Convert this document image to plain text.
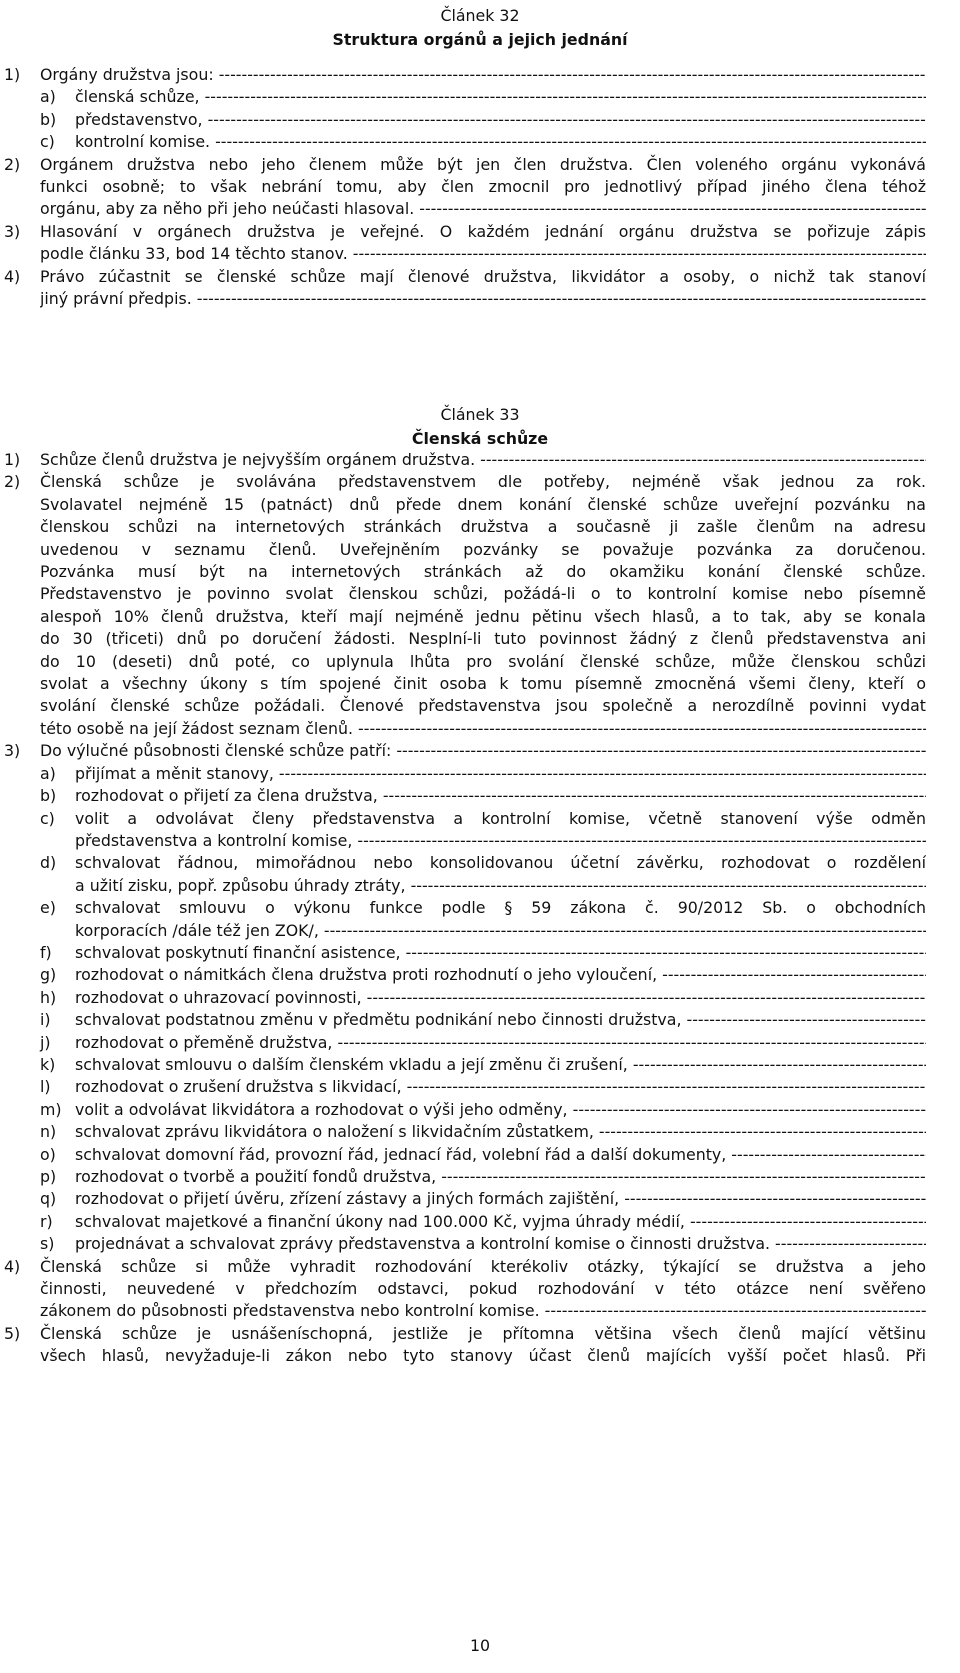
Článek 32
Struktura orgánů a jejich jednání
1)	Orgány družstva jsou: -----
a)	členská schůze, -----
b)	představenstvo, -----
c)	kontrolní komise. -----
2)	Orgánem družstva nebo jeho členem může být jen člen družstva. Člen voleného orgánu vykonává
funkci osobně; to však nebrání tomu, aby člen zmocnil pro jednotlivý případ jiného člena téhož
orgánu, aby za něho při jeho neúčasti hlasoval. -----
3)	Hlasování v orgánech družstva je veřejné. O každém jednání orgánu družstva se pořizuje zápis
podle článku 33, bod 14 těchto stanov. -----
4)	Právo zúčastnit se členské schůze mají členové družstva, likvidátor a osoby, o nichž tak stanoví
jiný právní předpis. -----
Článek 33
Členská schůze
1)	Schůze členů družstva je nejvyšším orgánem družstva. -----
2)	Členská schůze je svolávána představenstvem dle potřeby, nejméně však jednou za rok.
Svolavatel nejméně 15 (patnáct) dnů přede dnem konání členské schůze uveřejní pozvánku na
členskou schůzi na internetových stránkách družstva a současně ji zašle členům na adresu
uvedenou v seznamu členů. Uveřejněním pozvánky se považuje pozvánka za doručenou.
Pozvánka musí být na internetových stránkách až do okamžiku konání členské schůze.
Představenstvo je povinno svolat členskou schůzi, požádá-li o to kontrolní komise nebo písemně
alespoň 10% členů družstva, kteří mají nejméně jednu pětinu všech hlasů, a to tak, aby se konala
do 30 (třiceti) dnů po doručení žádosti. Nesplní-li tuto povinnost žádný z členů představenstva ani
do 10 (deseti) dnů poté, co uplynula lhůta pro svolání členské schůze, může členskou schůzi
svolat a všechny úkony s tím spojené činit osoba k tomu písemně zmocněná všemi členy, kteří o
svolání členské schůze požádali. Členové představenstva jsou společně a nerozdílně povinni vydat
této osobě na její žádost seznam členů. -----
3)	Do výlučné působnosti členské schůze patří: -----
a)	přijímat a měnit stanovy, -----
b)	rozhodovat o přijetí za člena družstva, -----
c)	volit a odvolávat členy představenstva a kontrolní komise, včetně stanovení výše odměn
představenstva a kontrolní komise, -----
d)	schvalovat řádnou, mimořádnou nebo konsolidovanou účetní závěrku, rozhodovat o rozdělení
a užití zisku, popř. způsobu úhrady ztráty, -----
e)	schvalovat smlouvu o výkonu funkce podle § 59 zákona č. 90/2012 Sb. o obchodních
korporacích /dále též jen ZOK/, -----
f)	schvalovat poskytnutí finanční asistence, -----
g)	rozhodovat o námitkách člena družstva proti rozhodnutí o jeho vyloučení, -----
h)	rozhodovat o uhrazovací povinnosti, -----
i)	schvalovat podstatnou změnu v předmětu podnikání nebo činnosti družstva, -----
j)	rozhodovat o přeměně družstva, -----
k)	schvalovat smlouvu o dalším členském vkladu a její změnu či zrušení, -----
l)	rozhodovat o zrušení družstva s likvidací, -----
m) volit a odvolávat likvidátora a rozhodovat o výši jeho odměny, -----
n)	schvalovat zprávu likvidátora o naložení s likvidačním zůstatkem, -----
o)	schvalovat domovní řád, provozní řád, jednací řád, volební řád a další dokumenty, -----
p)	rozhodovat o tvorbě a použití fondů družstva, -----
q)	rozhodovat o přijetí úvěru, zřízení zástavy a jiných formách zajištění, -----
r)	schvalovat majetkové a finanční úkony nad 100.000 Kč, vyjma úhrady médií, -----
s)	projednávat a schvalovat zprávy představenstva a kontrolní komise o činnosti družstva. -----
4)	Členská schůze si může vyhradit rozhodování kterékoliv otázky, týkající se družstva a jeho
činnosti, neuvedené v předchozím odstavci, pokud rozhodování v této otázce není svěřeno
zákonem do působnosti představenstva nebo kontrolní komise. -----
5)	Členská schůze je usnášeníschopná, jestliže je přítomna většina všech členů mající většinu
všech hlasů, nevyžaduje-li zákon nebo tyto stanovy účast členů majících vyšší počet hlasů. Při
10
